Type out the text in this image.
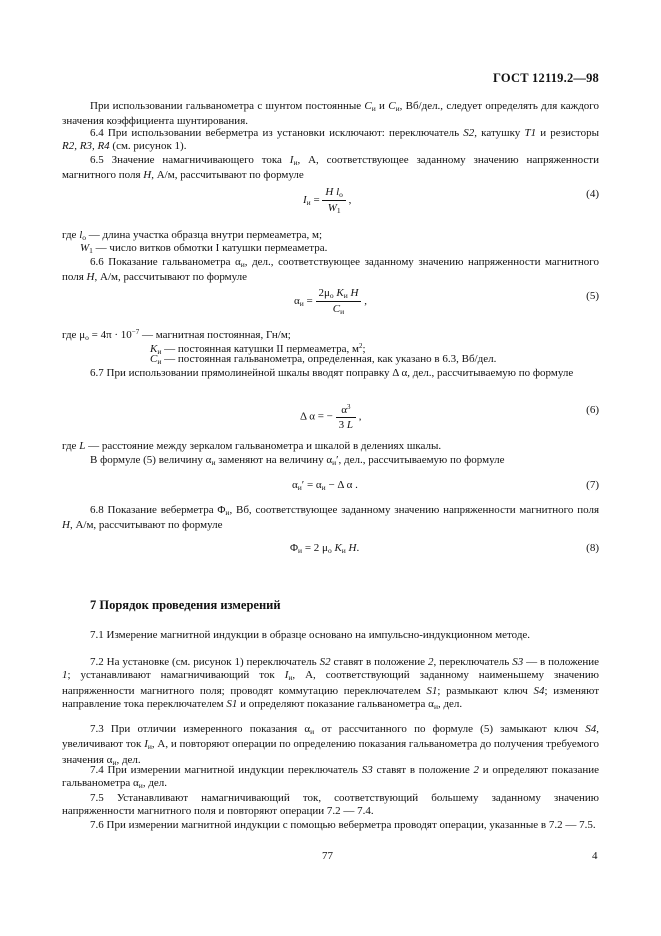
ГОСТ 12119.2—98

При использовании гальванометра с шунтом постоянные $C_и$ и $C_и$, Вб/дел., следует определять для каждого значения коэффициента шунтирования.

6.4 При использовании веберметра из установки исключают: переключатель S2, катушку T1 и резисторы R2, R3, R4 (см. рисунок 1).

6.5 Значение намагничивающего тока $I_и$, А, соответствующее заданному значению напряженности магнитного поля H, А/м, рассчитывают по формуле

$I_и = \frac{H l_о}{W_1}$ ,
(4)

где $l_о$ — длина участка образца внутри пермеаметра, м;

$W_1$ — число витков обмотки I катушки пермеаметра.

6.6 Показание гальванометра $\alpha_и$, дел., соответствующее заданному значению напряженности магнитного поля H, А/м, рассчитывают по формуле

$\alpha_и = \frac{2\mu_о K_и H}{C_и}$ ,	(5)

где $\mu_о = 4\pi \cdot 10^{-7}$ — магнитная постоянная, Гн/м;

$K_и$ — постоянная катушки II пермеаметра, $м^2$;

$C_и$ — постоянная гальванометра, определенная, как указано в 6.3, Вб/дел.

6.7 При использовании прямолинейной шкалы вводят поправку Δ α, дел., рассчитываемую по формуле

Δ α = − $\frac{\alpha^3}{3 L}$ ,
(6)

где L — расстояние между зеркалом гальванометра и шкалой в делениях шкалы.

В формуле (5) величину $\alpha_и$ заменяют на величину $\alpha_и'$, дел., рассчитываемую по формуле

$\alpha_и' = \alpha_и - \Delta$ α .	(7)

6.8 Показание веберметра $\Phi_и$, Вб, соответствующее заданному значению напряженности магнитного поля H, А/м, рассчитывают по формуле

$\Phi_и = 2$ $\mu_о$ $K_и$ H.	(8)
7 Порядок проведения измерений

7.1 Измерение магнитной индукции в образце основано на импульсно-индукционном методе.

7.2 На установке (см. рисунок 1) переключатель S2 ставят в положение 2, переключатель S3 — в положение 1; устанавливают намагничивающий ток $I_и$, А, соответствующий заданному наименьшему значению напряженности магнитного поля; проводят коммутацию переключателем S1; размыкают ключ S4; изменяют направление тока переключателем S1 и определяют показание гальванометра $\alpha_и$, дел.

7.3 При отличии измеренного показания $\alpha_и$ от рассчитанного по формуле (5) замыкают ключ S4, увеличивают ток $I_и$, А, и повторяют операции по определению показания гальванометра до получения требуемого значения $\alpha_и$, дел.

7.4 При измерении магнитной индукции переключатель S3 ставят в положение 2 и определяют показание гальванометра $\alpha_и$, дел.

7.5 Устанавливают намагничивающий ток, соответствующий большему заданному значению напряженности магнитного поля и повторяют операции 7.2 — 7.4.

7.6 При измерении магнитной индукции с помощью веберметра проводят операции, указанные в 7.2 — 7.5.

77	4
